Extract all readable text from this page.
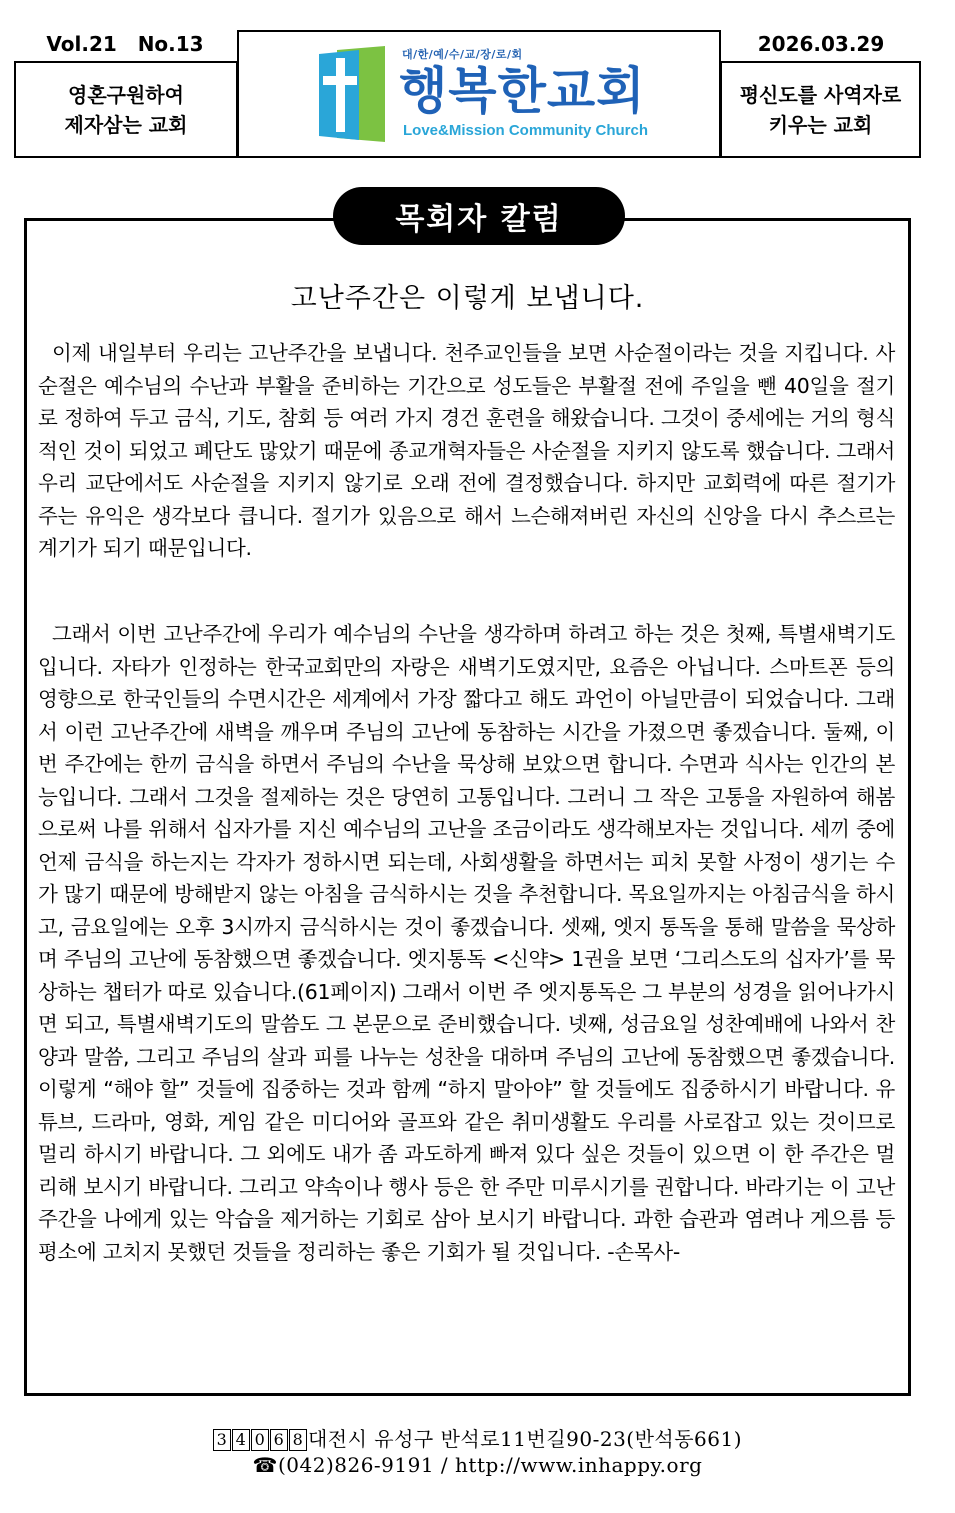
Vol.21 No.13	2026.03.29
영혼구원하여
제자삼는 교회
대/한/예/수/교/장/로/회
행복한교회
Love&Mission Community Church
평신도를 사역자로
키우는 교회
목회자 칼럼
고난주간은 이렇게 보냅니다.

이제 내일부터 우리는 고난주간을 보냅니다. 천주교인들을 보면 사순절이라는 것을 지킵니다. 사순절은 예수님의 수난과 부활을 준비하는 기간으로 성도들은 부활절 전에 주일을 뺀 40일을 절기로 정하여 두고 금식, 기도, 참회 등 여러 가지 경건 훈련을 해왔습니다. 그것이 중세에는 거의 형식적인 것이 되었고 폐단도 많았기 때문에 종교개혁자들은 사순절을 지키지 않도록 했습니다. 그래서 우리 교단에서도 사순절을 지키지 않기로 오래 전에 결정했습니다. 하지만 교회력에 따른 절기가 주는 유익은 생각보다 큽니다. 절기가 있음으로 해서 느슨해져버린 자신의 신앙을 다시 추스르는 계기가 되기 때문입니다.

그래서 이번 고난주간에 우리가 예수님의 수난을 생각하며 하려고 하는 것은 첫째, 특별새벽기도입니다. 자타가 인정하는 한국교회만의 자랑은 새벽기도였지만, 요즘은 아닙니다. 스마트폰 등의 영향으로 한국인들의 수면시간은 세계에서 가장 짧다고 해도 과언이 아닐만큼이 되었습니다. 그래서 이런 고난주간에 새벽을 깨우며 주님의 고난에 동참하는 시간을 가졌으면 좋겠습니다. 둘째, 이번 주간에는 한끼 금식을 하면서 주님의 수난을 묵상해 보았으면 합니다. 수면과 식사는 인간의 본능입니다. 그래서 그것을 절제하는 것은 당연히 고통입니다. 그러니 그 작은 고통을 자원하여 해봄으로써 나를 위해서 십자가를 지신 예수님의 고난을 조금이라도 생각해보자는 것입니다. 세끼 중에 언제 금식을 하는지는 각자가 정하시면 되는데, 사회생활을 하면서는 피치 못할 사정이 생기는 수가 많기 때문에 방해받지 않는 아침을 금식하시는 것을 추천합니다. 목요일까지는 아침금식을 하시고, 금요일에는 오후 3시까지 금식하시는 것이 좋겠습니다. 셋째, 엣지 통독을 통해 말씀을 묵상하며 주님의 고난에 동참했으면 좋겠습니다. 엣지통독 <신약> 1권을 보면 ‘그리스도의 십자가’를 묵상하는 챕터가 따로 있습니다.(61페이지) 그래서 이번 주 엣지통독은 그 부분의 성경을 읽어나가시면 되고, 특별새벽기도의 말씀도 그 본문으로 준비했습니다. 넷째, 성금요일 성찬예배에 나와서 찬양과 말씀, 그리고 주님의 살과 피를 나누는 성찬을 대하며 주님의 고난에 동참했으면 좋겠습니다. 이렇게 “해야 할” 것들에 집중하는 것과 함께 “하지 말아야” 할 것들에도 집중하시기 바랍니다. 유튜브, 드라마, 영화, 게임 같은 미디어와 골프와 같은 취미생활도 우리를 사로잡고 있는 것이므로 멀리 하시기 바랍니다. 그 외에도 내가 좀 과도하게 빠져 있다 싶은 것들이 있으면 이 한 주간은 멀리해 보시기 바랍니다. 그리고 약속이나 행사 등은 한 주만 미루시기를 권합니다. 바라기는 이 고난주간을 나에게 있는 악습을 제거하는 기회로 삼아 보시기 바랍니다. 과한 습관과 염려나 게으름 등 평소에 고치지 못했던 것들을 정리하는 좋은 기회가 될 것입니다. -손목사-

3 4 0 6 8 대전시 유성구 반석로11번길90-23(반석동661)
☎(042)826-9191 / http://www.inhappy.org
